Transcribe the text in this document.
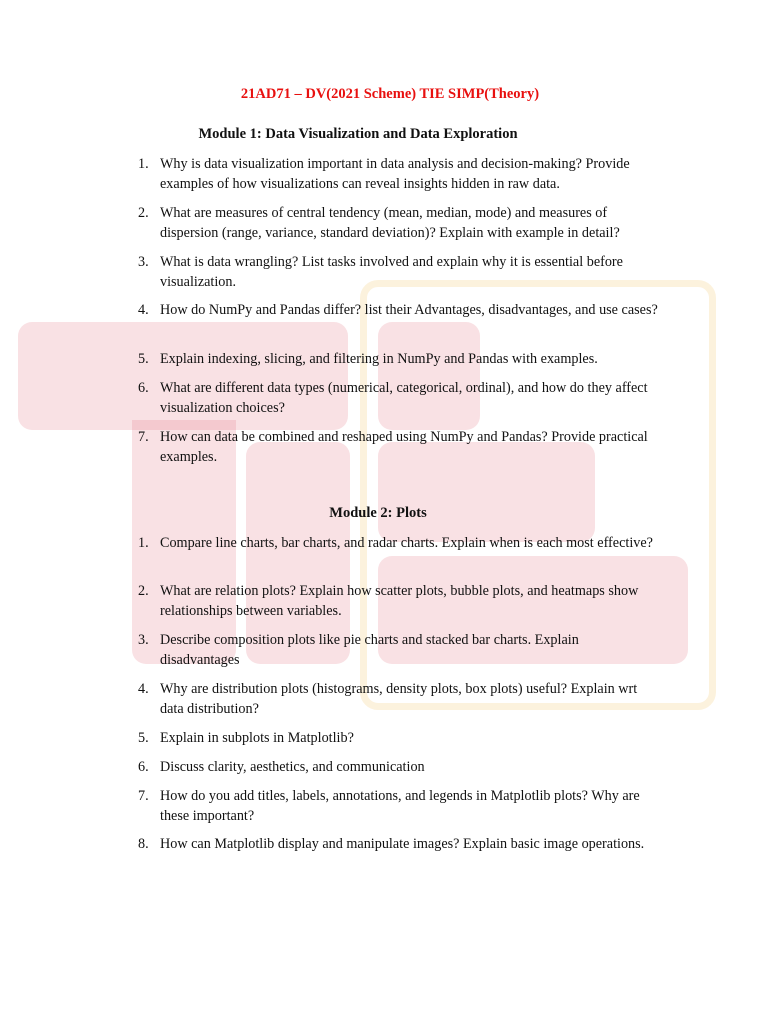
21AD71 – DV(2021 Scheme) TIE SIMP(Theory)
Module 1: Data Visualization and Data Exploration
1. Why is data visualization important in data analysis and decision-making? Provide examples of how visualizations can reveal insights hidden in raw data.
2. What are measures of central tendency (mean, median, mode) and measures of dispersion (range, variance, standard deviation)? Explain with example in detail?
3. What is data wrangling? List tasks involved and explain why it is essential before visualization.
4. How do NumPy and Pandas differ? list their Advantages, disadvantages, and use cases?
5. Explain indexing, slicing, and filtering in NumPy and Pandas with examples.
6. What are different data types (numerical, categorical, ordinal), and how do they affect visualization choices?
7. How can data be combined and reshaped using NumPy and Pandas? Provide practical examples.
Module 2: Plots
1. Compare line charts, bar charts, and radar charts. Explain when is each most effective?
2. What are relation plots? Explain how scatter plots, bubble plots, and heatmaps show relationships between variables.
3. Describe composition plots like pie charts and stacked bar charts. Explain disadvantages
4. Why are distribution plots (histograms, density plots, box plots) useful? Explain wrt data distribution?
5. Explain in subplots in Matplotlib?
6. Discuss clarity, aesthetics, and communication
7. How do you add titles, labels, annotations, and legends in Matplotlib plots? Why are these important?
8. How can Matplotlib display and manipulate images? Explain basic image operations.
